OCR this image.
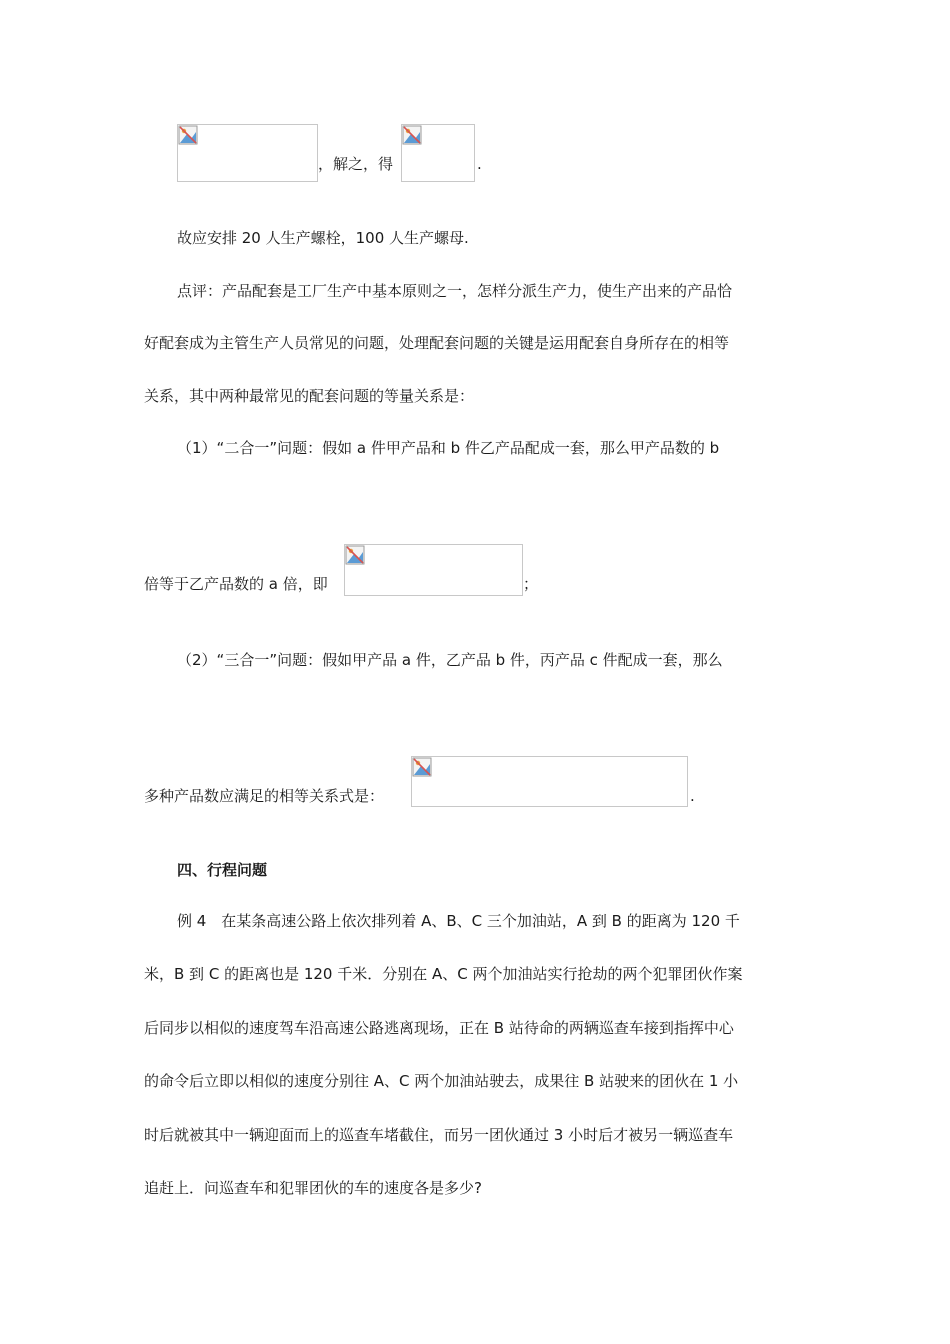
，解之，得	.
故应安排 20 人生产螺栓，100 人生产螺母.
点评：产品配套是工厂生产中基本原则之一，怎样分派生产力，使生产出来的产品恰
好配套成为主管生产人员常见的问题，处理配套问题的关键是运用配套自身所存在的相等
关系，其中两种最常见的配套问题的等量关系是：
（1）“二合一”问题：假如 a 件甲产品和 b 件乙产品配成一套，那么甲产品数的 b
倍等于乙产品数的 a 倍，即	；
（2）“三合一”问题：假如甲产品 a 件，乙产品 b 件，丙产品 c 件配成一套，那么
多种产品数应满足的相等关系式是：	.
四、行程问题
例 4　在某条高速公路上依次排列着 A、B、C 三个加油站，A 到 B 的距离为 120 千
米，B 到 C 的距离也是 120 千米．分别在 A、C 两个加油站实行抢劫的两个犯罪团伙作案
后同步以相似的速度驾车沿高速公路逃离现场，正在 B 站待命的两辆巡查车接到指挥中心
的命令后立即以相似的速度分别往 A、C 两个加油站驶去，成果往 B 站驶来的团伙在 1 小
时后就被其中一辆迎面而上的巡查车堵截住，而另一团伙通过 3 小时后才被另一辆巡查车
追赶上．问巡查车和犯罪团伙的车的速度各是多少?
